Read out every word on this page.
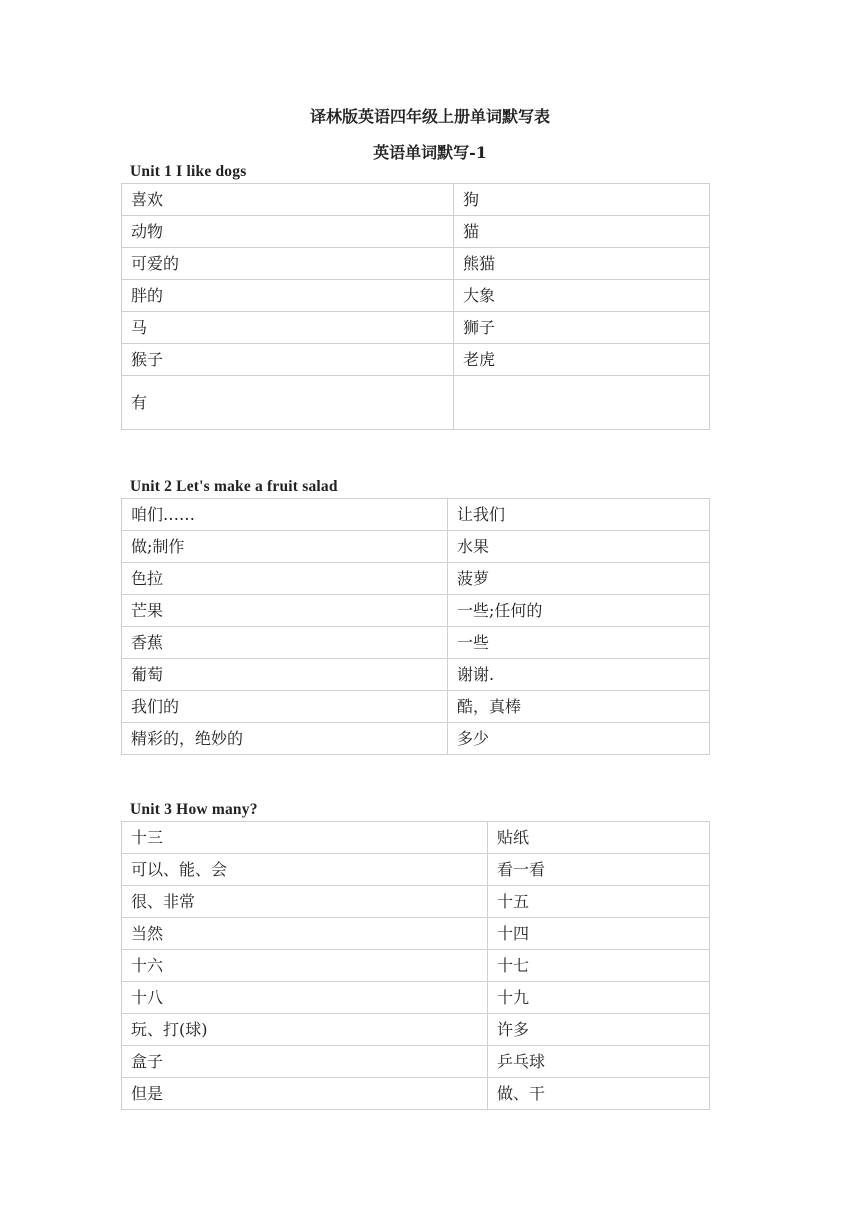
译林版英语四年级上册单词默写表
英语单词默写-1
Unit 1 I like dogs
喜欢	狗
动物	猫
可爱的	熊猫
胖的	大象
马	狮子
猴子	老虎
有	
Unit 2 Let's make a fruit salad
咱们……	让我们
做;制作	水果
色拉	菠萝
芒果	一些;任何的
香蕉	一些
葡萄	谢谢.
我们的	酷，真棒
精彩的，绝妙的	多少
Unit 3 How many?
十三	贴纸
可以、能、会	看一看
很、非常	十五
当然	十四
十六	十七
十八	十九
玩、打(球)	许多
盒子	乒乓球
但是	做、干
